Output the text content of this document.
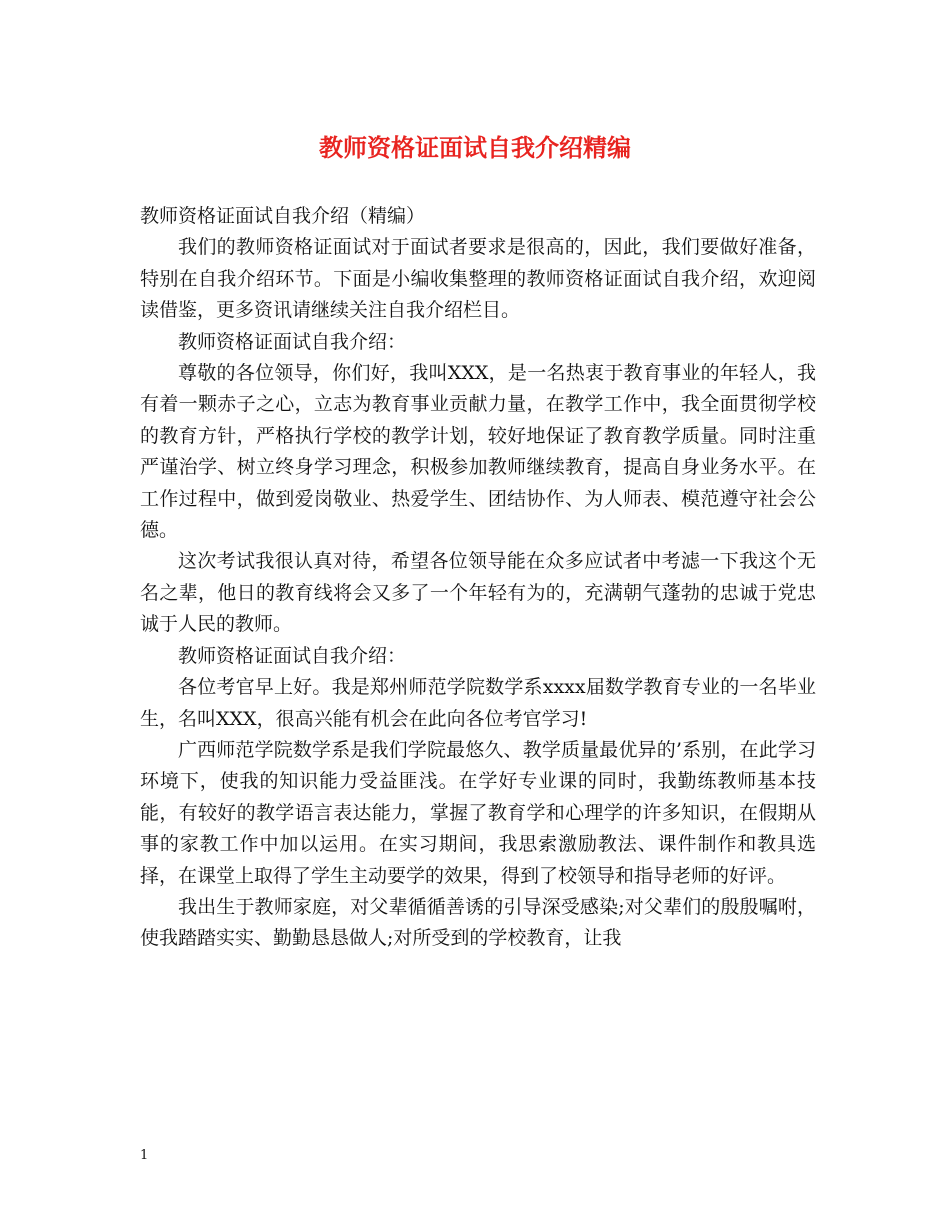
教师资格证面试自我介绍精编

教师资格证面试自我介绍（精编）

我们的教师资格证面试对于面试者要求是很高的，因此，我们要做好准备，特别在自我介绍环节。下面是小编收集整理的教师资格证面试自我介绍，欢迎阅读借鉴，更多资讯请继续关注自我介绍栏目。

教师资格证面试自我介绍：

尊敬的各位领导，你们好，我叫XXX，是一名热衷于教育事业的年轻人，我有着一颗赤子之心，立志为教育事业贡献力量，在教学工作中，我全面贯彻学校的教育方针，严格执行学校的教学计划，较好地保证了教育教学质量。同时注重严谨治学、树立终身学习理念，积极参加教师继续教育，提高自身业务水平。在工作过程中，做到爱岗敬业、热爱学生、团结协作、为人师表、模范遵守社会公德。

这次考试我很认真对待，希望各位领导能在众多应试者中考滤一下我这个无名之辈，他日的教育线将会又多了一个年轻有为的，充满朝气蓬勃的忠诚于党忠诚于人民的教师。

教师资格证面试自我介绍：

各位考官早上好。我是郑州师范学院数学系xxxx届数学教育专业的一名毕业生，名叫XXX，很高兴能有机会在此向各位考官学习!

广西师范学院数学系是我们学院最悠久、教学质量最优异的’系别，在此学习环境下，使我的知识能力受益匪浅。在学好专业课的同时，我勤练教师基本技能，有较好的教学语言表达能力，掌握了教育学和心理学的许多知识，在假期从事的家教工作中加以运用。在实习期间，我思索激励教法、课件制作和教具选择，在课堂上取得了学生主动要学的效果，得到了校领导和指导老师的好评。

我出生于教师家庭，对父辈循循善诱的引导深受感染;对父辈们的殷殷嘱咐，使我踏踏实实、勤勤恳恳做人;对所受到的学校教育，让我

1
